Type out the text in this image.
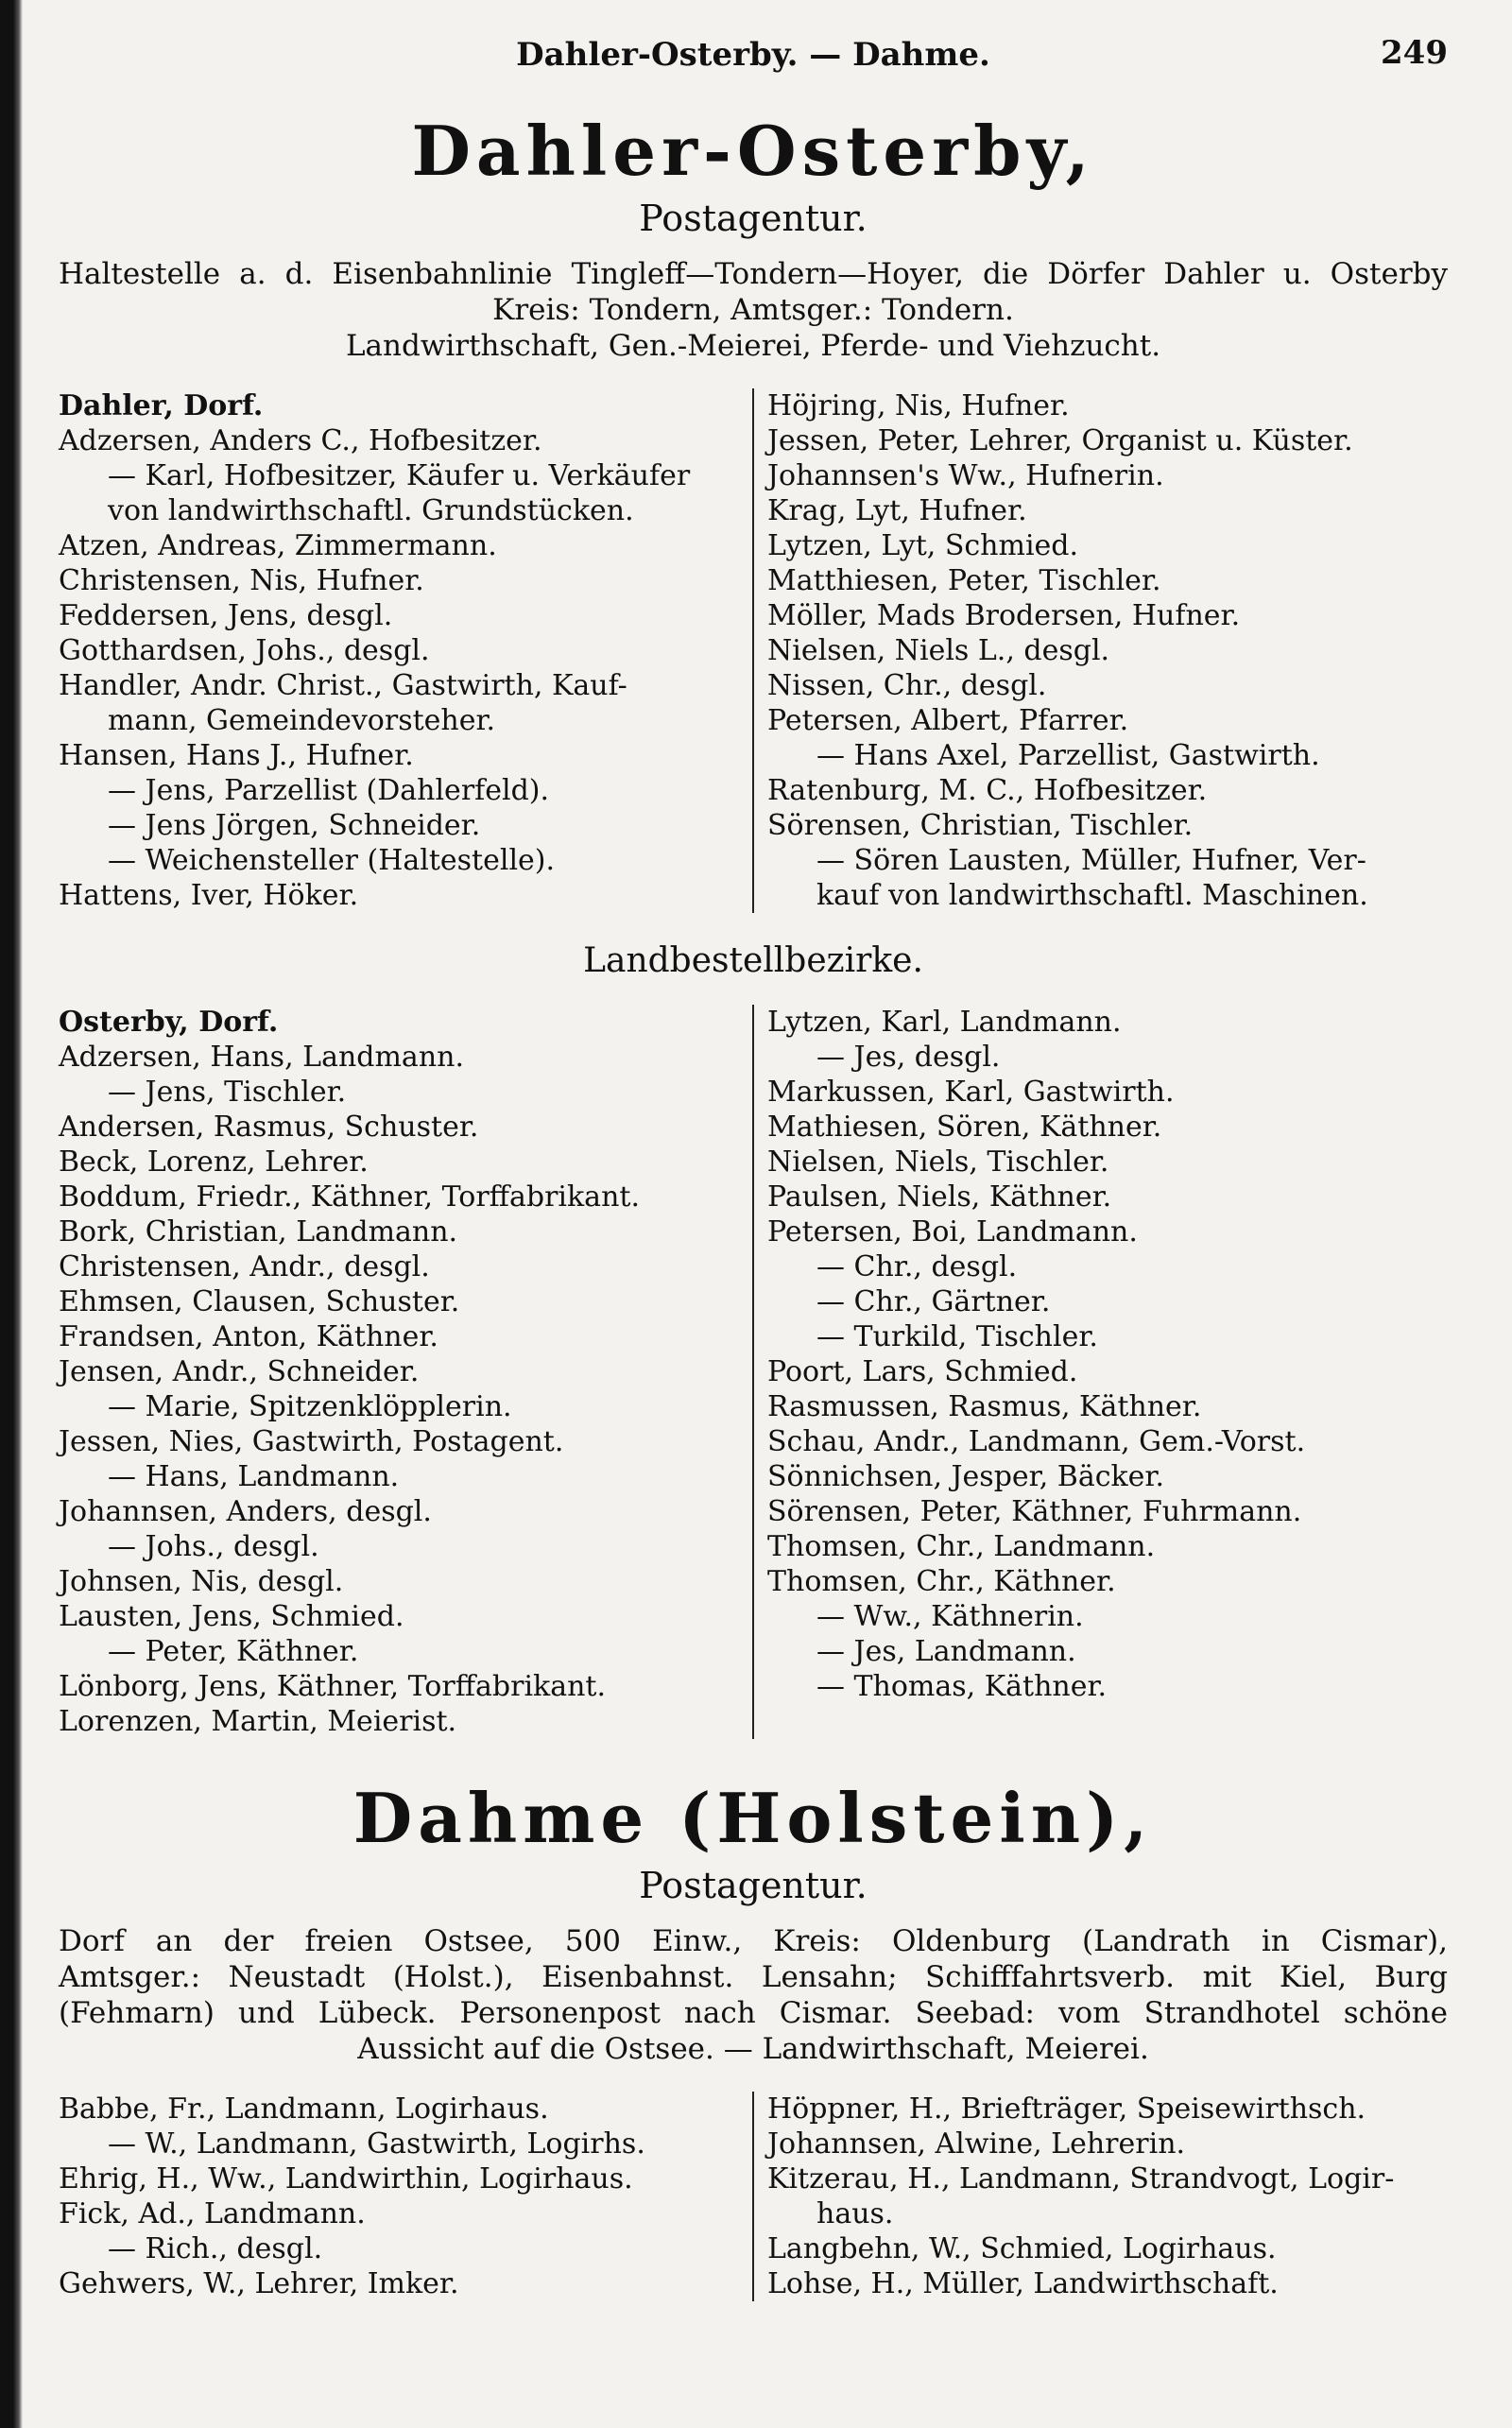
Dahler-Osterby. — Dahme.	249
Dahler-Osterby,
Postagentur.

Haltestelle a. d. Eisenbahnlinie Tingleff—Tondern—Hoyer, die Dörfer Dahler u. Osterby

Kreis: Tondern, Amtsger.: Tondern.

Landwirthschaft, Gen.-Meierei, Pferde- und Viehzucht.

Dahler, Dorf.
Adzersen, Anders C., Hofbesitzer.
— Karl, Hofbesitzer, Käufer u. Verkäufer
von landwirthschaftl. Grundstücken.
Atzen, Andreas, Zimmermann.
Christensen, Nis, Hufner.
Feddersen, Jens, desgl.
Gotthardsen, Johs., desgl.
Handler, Andr. Christ., Gastwirth, Kauf-
mann, Gemeindevorsteher.
Hansen, Hans J., Hufner.
— Jens, Parzellist (Dahlerfeld).
— Jens Jörgen, Schneider.
— Weichensteller (Haltestelle).
Hattens, Iver, Höker.
Höjring, Nis, Hufner.
Jessen, Peter, Lehrer, Organist u. Küster.
Johannsen's Ww., Hufnerin.
Krag, Lyt, Hufner.
Lytzen, Lyt, Schmied.
Matthiesen, Peter, Tischler.
Möller, Mads Brodersen, Hufner.
Nielsen, Niels L., desgl.
Nissen, Chr., desgl.
Petersen, Albert, Pfarrer.
— Hans Axel, Parzellist, Gastwirth.
Ratenburg, M. C., Hofbesitzer.
Sörensen, Christian, Tischler.
— Sören Lausten, Müller, Hufner, Ver-
kauf von landwirthschaftl. Maschinen.
Landbestellbezirke.
Osterby, Dorf.
Adzersen, Hans, Landmann.
— Jens, Tischler.
Andersen, Rasmus, Schuster.
Beck, Lorenz, Lehrer.
Boddum, Friedr., Käthner, Torffabrikant.
Bork, Christian, Landmann.
Christensen, Andr., desgl.
Ehmsen, Clausen, Schuster.
Frandsen, Anton, Käthner.
Jensen, Andr., Schneider.
— Marie, Spitzenklöpplerin.
Jessen, Nies, Gastwirth, Postagent.
— Hans, Landmann.
Johannsen, Anders, desgl.
— Johs., desgl.
Johnsen, Nis, desgl.
Lausten, Jens, Schmied.
— Peter, Käthner.
Lönborg, Jens, Käthner, Torffabrikant.
Lorenzen, Martin, Meierist.
Lytzen, Karl, Landmann.
— Jes, desgl.
Markussen, Karl, Gastwirth.
Mathiesen, Sören, Käthner.
Nielsen, Niels, Tischler.
Paulsen, Niels, Käthner.
Petersen, Boi, Landmann.
— Chr., desgl.
— Chr., Gärtner.
— Turkild, Tischler.
Poort, Lars, Schmied.
Rasmussen, Rasmus, Käthner.
Schau, Andr., Landmann, Gem.-Vorst.
Sönnichsen, Jesper, Bäcker.
Sörensen, Peter, Käthner, Fuhrmann.
Thomsen, Chr., Landmann.
Thomsen, Chr., Käthner.
— Ww., Käthnerin.
— Jes, Landmann.
— Thomas, Käthner.
Dahme (Holstein),
Postagentur.

Dorf an der freien Ostsee, 500 Einw., Kreis: Oldenburg (Landrath in Cismar),

Amtsger.: Neustadt (Holst.), Eisenbahnst. Lensahn; Schifffahrtsverb. mit Kiel, Burg

(Fehmarn) und Lübeck. Personenpost nach Cismar. Seebad: vom Strandhotel schöne

Aussicht auf die Ostsee. — Landwirthschaft, Meierei.

Babbe, Fr., Landmann, Logirhaus.
— W., Landmann, Gastwirth, Logirhs.
Ehrig, H., Ww., Landwirthin, Logirhaus.
Fick, Ad., Landmann.
— Rich., desgl.
Gehwers, W., Lehrer, Imker.
Höppner, H., Briefträger, Speisewirthsch.
Johannsen, Alwine, Lehrerin.
Kitzerau, H., Landmann, Strandvogt, Logir-
haus.
Langbehn, W., Schmied, Logirhaus.
Lohse, H., Müller, Landwirthschaft.
